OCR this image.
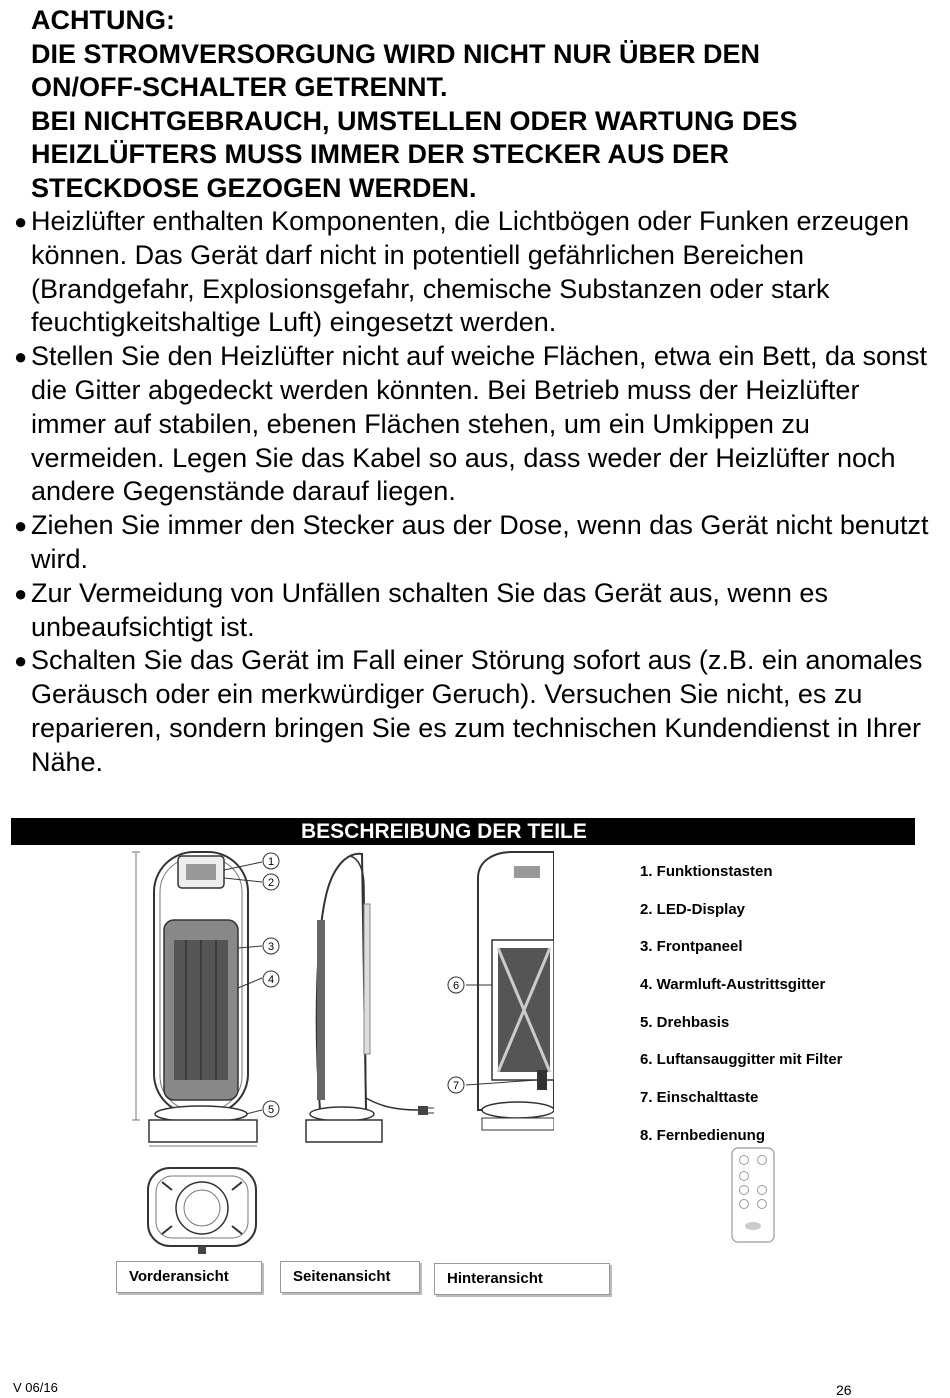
ACHTUNG:

DIE STROMVERSORGUNG WIRD NICHT NUR ÜBER DEN

ON/OFF-SCHALTER GETRENNT.

BEI NICHTGEBRAUCH, UMSTELLEN ODER WARTUNG DES

HEIZLÜFTERS MUSS IMMER DER STECKER AUS DER

STECKDOSE GEZOGEN WERDEN.

● Heizlüfter enthalten Komponenten, die Lichtbögen oder Funken erzeugen können. Das Gerät darf nicht in potentiell gefährlichen Bereichen (Brandgefahr, Explosionsgefahr, chemische Substanzen oder stark feuchtigkeitshaltige Luft) eingesetzt werden.
● Stellen Sie den Heizlüfter nicht auf weiche Flächen, etwa ein Bett, da sonst die Gitter abgedeckt werden könnten. Bei Betrieb muss der Heizlüfter immer auf stabilen, ebenen Flächen stehen, um ein Umkippen zu vermeiden. Legen Sie das Kabel so aus, dass weder der Heizlüfter noch andere Gegenstände darauf liegen.
● Ziehen Sie immer den Stecker aus der Dose, wenn das Gerät nicht benutzt wird.
● Zur Vermeidung von Unfällen schalten Sie das Gerät aus, wenn es unbeaufsichtigt ist.
● Schalten Sie das Gerät im Fall einer Störung sofort aus (z.B. ein anomales Geräusch oder ein merkwürdiger Geruch). Versuchen Sie nicht, es zu reparieren, sondern bringen Sie es zum technischen Kundendienst in Ihrer Nähe.
BESCHREIBUNG DER TEILE
1
2
3
4
5
6
7
1. Funktionstasten
2. LED-Display
3. Frontpaneel
4. Warmluft-Austrittsgitter
5. Drehbasis
6. Luftansauggitter mit Filter
7. Einschalttaste
8. Fernbedienung
Vorderansicht	Seitenansicht	Hinteransicht
V 06/16	26
